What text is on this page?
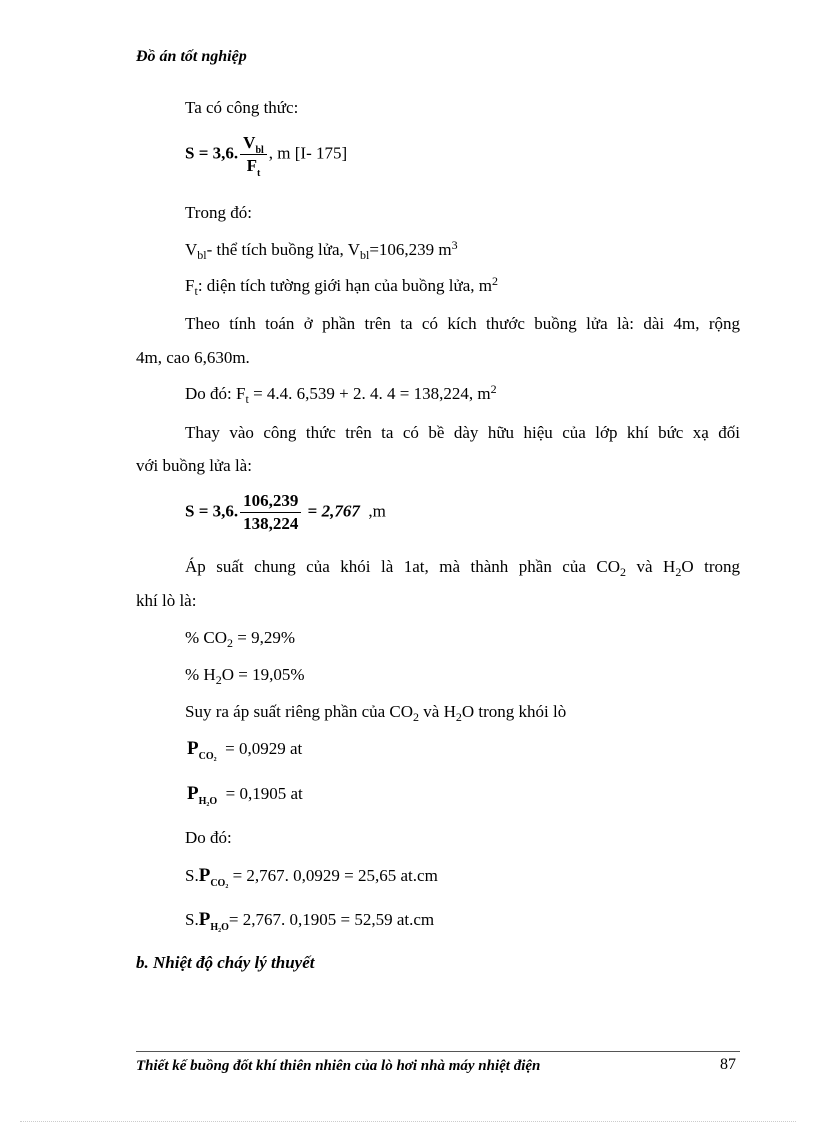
Đồ án tốt nghiệp
Ta có công thức:
S = 3,6. $\frac{V_{bl}}{F_t}$ , m [I- 175]
Trong đó:
$V_{bl}-$ thể tích buồng lửa, $V_{bl}=106,239$ $m^3$
$F_t$: diện tích tường giới hạn của buồng lửa, $m^2$
Theo tính toán ở phần trên ta có kích thước buồng lửa là: dài 4m, rộng
4m, cao 6,630m.
Do đó: $F_t = 4.4$. 6,539 + 2. 4. 4 = 138,224, $m^2$
Thay vào công thức trên ta có bề dày hữu hiệu của lớp khí bức xạ đối
với buồng lửa là:
S = 3,6. $\frac{106,239}{138,224} = 2,767$ ,m
Áp suất chung của khói là 1at, mà thành phần của $CO_2$ và $H_2O$ trong
khí lò là:
% $CO_2 = 9,29\%$
% $H_2O = 19,05\%$
Suy ra áp suất riêng phần của $CO_2$ và $H_2O$ trong khói lò
$P_{CO_2} = 0,0929$ at
$P_{H_2O} = 0,1905$ at
Do đó:
$S.P_{CO_2} = 2,767$. 0,0929 = 25,65 at.cm
$S.P_{H_2O}= 2,767$. 0,1905 = 52,59 at.cm
b. Nhiệt độ cháy lý thuyết
Thiết kế buồng đốt khí thiên nhiên của lò hơi nhà máy nhiệt điện	87
